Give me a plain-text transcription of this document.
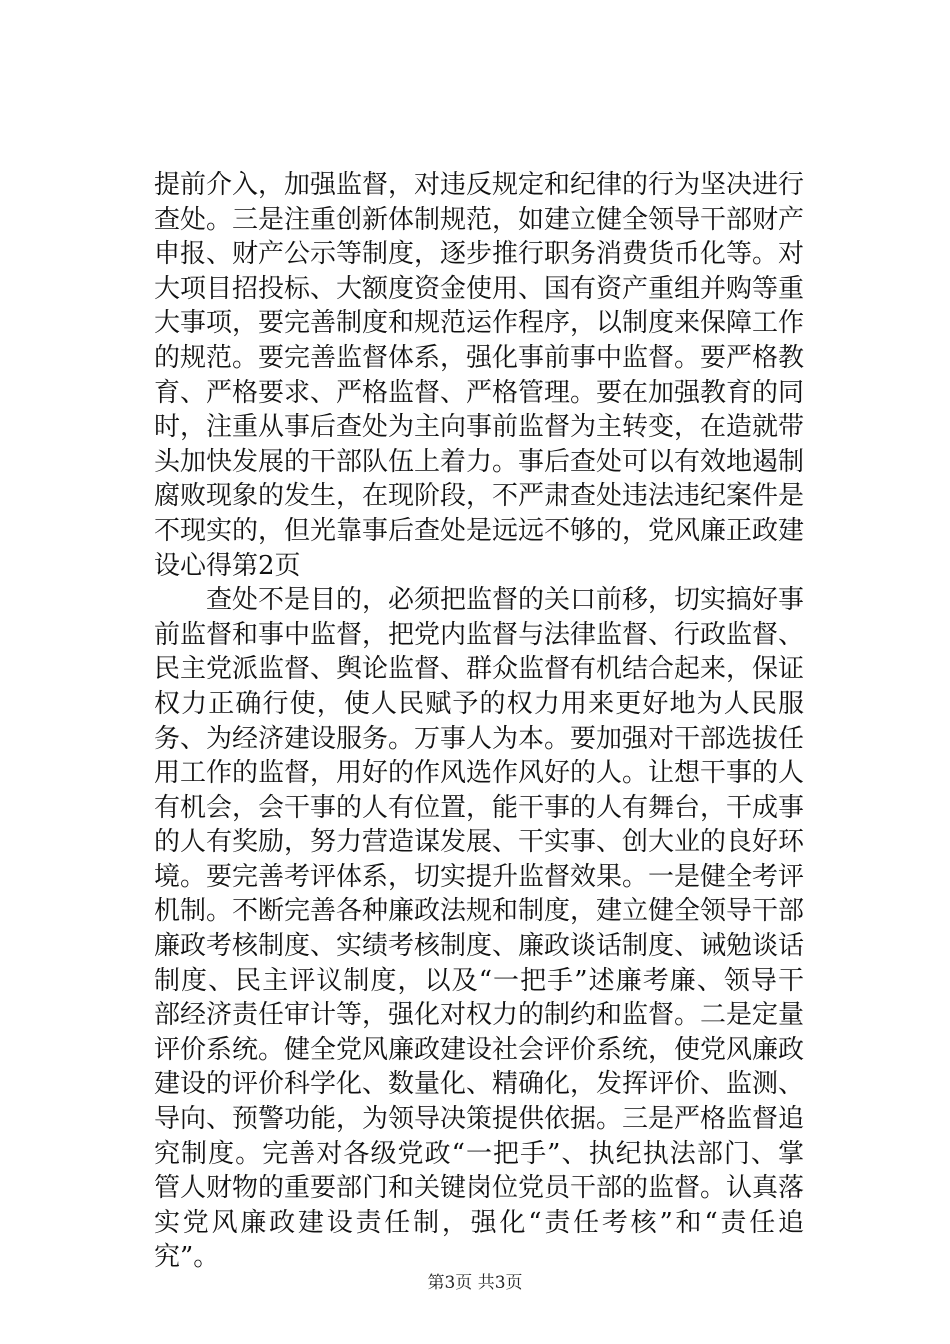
提前介入，加强监督，对违反规定和纪律的行为坚决进行查处。三是注重创新体制规范，如建立健全领导干部财产申报、财产公示等制度，逐步推行职务消费货币化等。对大项目招投标、大额度资金使用、国有资产重组并购等重大事项，要完善制度和规范运作程序，以制度来保障工作的规范。要完善监督体系，强化事前事中监督。要严格教育、严格要求、严格监督、严格管理。要在加强教育的同时，注重从事后查处为主向事前监督为主转变，在造就带头加快发展的干部队伍上着力。事后查处可以有效地遏制腐败现象的发生，在现阶段，不严肃查处违法违纪案件是不现实的，但光靠事后查处是远远不够的，党风廉正政建设心得第2页

查处不是目的，必须把监督的关口前移，切实搞好事前监督和事中监督，把党内监督与法律监督、行政监督、民主党派监督、舆论监督、群众监督有机结合起来，保证权力正确行使，使人民赋予的权力用来更好地为人民服务、为经济建设服务。万事人为本。要加强对干部选拔任用工作的监督，用好的作风选作风好的人。让想干事的人有机会，会干事的人有位置，能干事的人有舞台，干成事的人有奖励，努力营造谋发展、干实事、创大业的良好环境。要完善考评体系，切实提升监督效果。一是健全考评机制。不断完善各种廉政法规和制度，建立健全领导干部廉政考核制度、实绩考核制度、廉政谈话制度、诫勉谈话制度、民主评议制度，以及“一把手”述廉考廉、领导干部经济责任审计等，强化对权力的制约和监督。二是定量评价系统。健全党风廉政建设社会评价系统，使党风廉政建设的评价科学化、数量化、精确化，发挥评价、监测、导向、预警功能，为领导决策提供依据。三是严格监督追究制度。完善对各级党政“一把手”、执纪执法部门、掌管人财物的重要部门和关键岗位党员干部的监督。认真落实党风廉政建设责任制，强化“责任考核”和“责任追究”。

第3页 共3页
